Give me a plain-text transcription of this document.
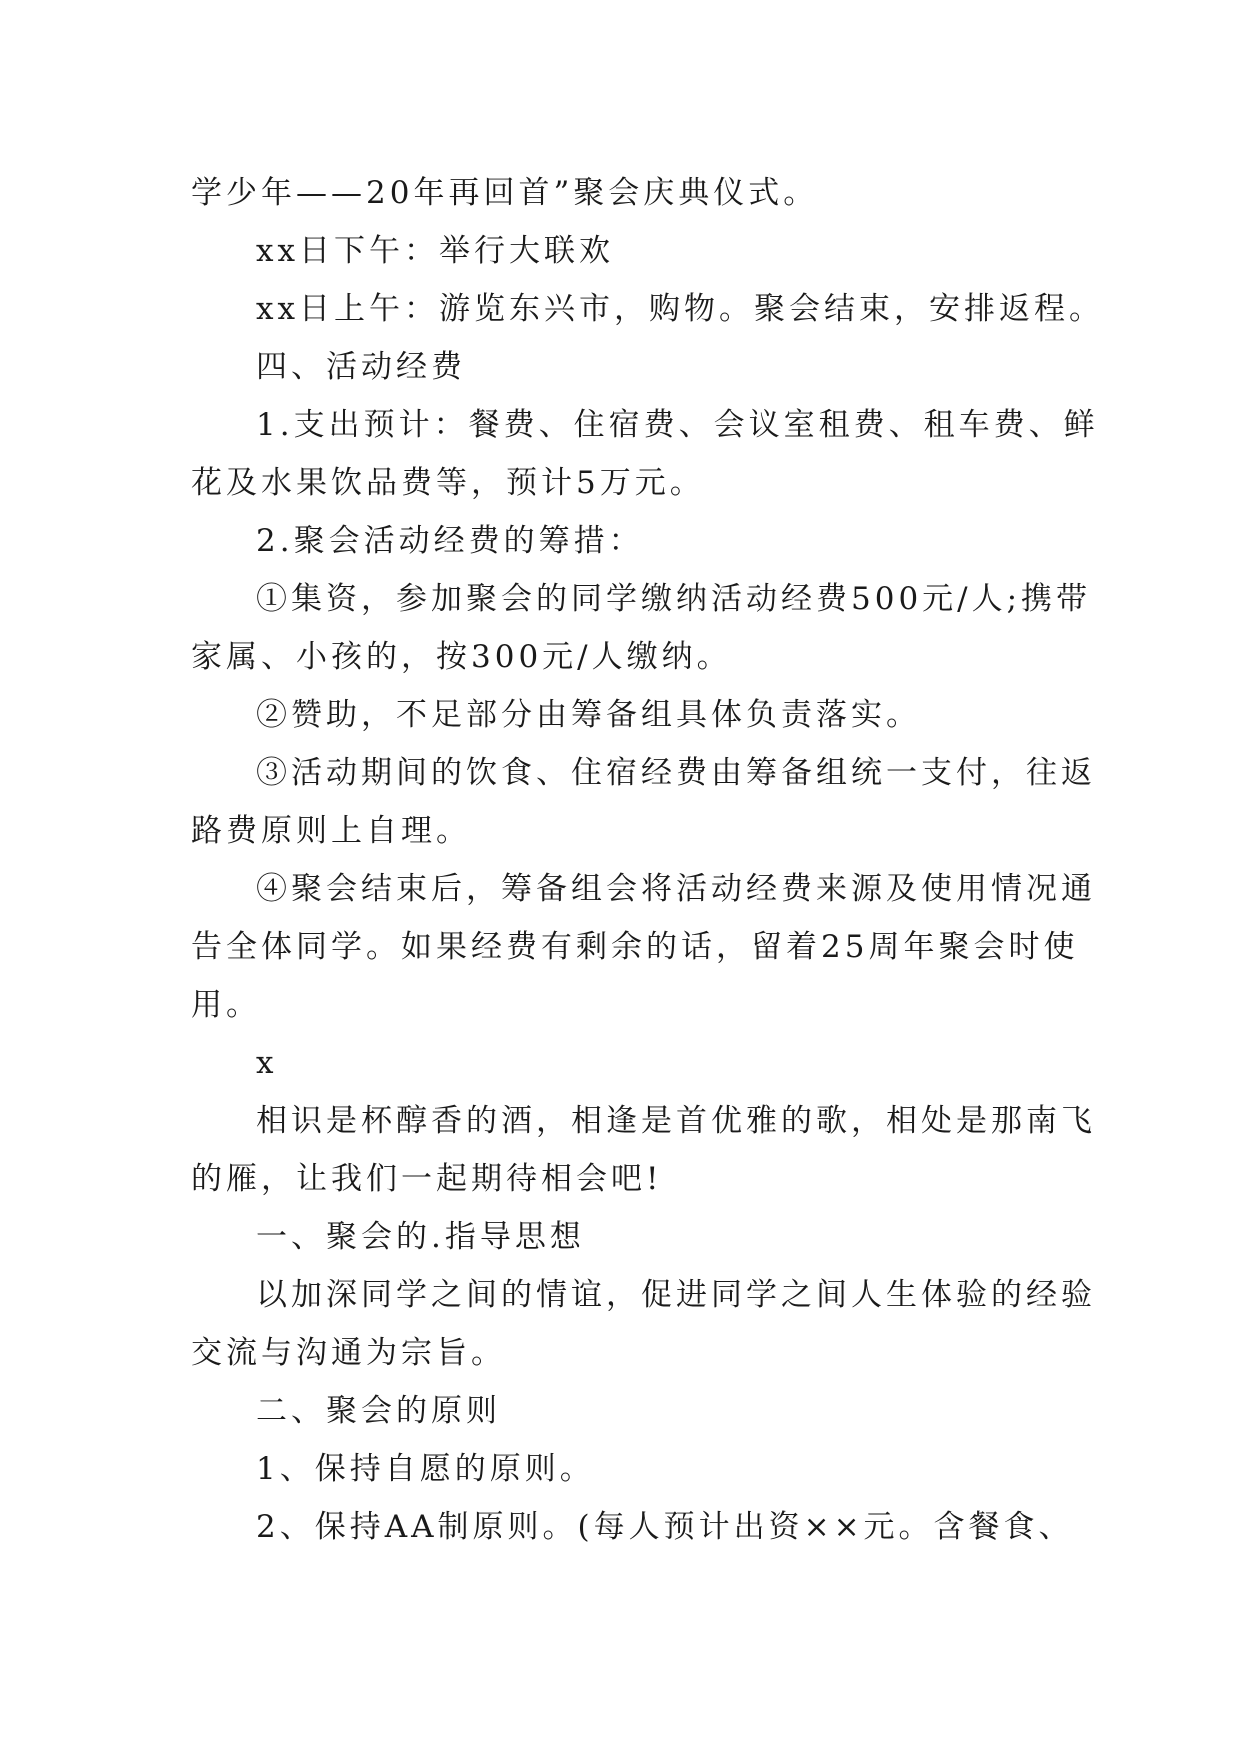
学少年——20年再回首”聚会庆典仪式。
xx日下午：举行大联欢
xx日上午：游览东兴市，购物。聚会结束，安排返程。
四、活动经费
1.支出预计：餐费、住宿费、会议室租费、租车费、鲜
花及水果饮品费等，预计5万元。
2.聚会活动经费的筹措：
①集资，参加聚会的同学缴纳活动经费500元/人;携带
家属、小孩的，按300元/人缴纳。
②赞助，不足部分由筹备组具体负责落实。
③活动期间的饮食、住宿经费由筹备组统一支付，往返
路费原则上自理。
④聚会结束后，筹备组会将活动经费来源及使用情况通
告全体同学。如果经费有剩余的话，留着25周年聚会时使
用。
x
相识是杯醇香的酒，相逢是首优雅的歌，相处是那南飞
的雁，让我们一起期待相会吧!
一、聚会的.指导思想
以加深同学之间的情谊，促进同学之间人生体验的经验
交流与沟通为宗旨。
二、聚会的原则
1、保持自愿的原则。
2、保持AA制原则。(每人预计出资××元。含餐食、
